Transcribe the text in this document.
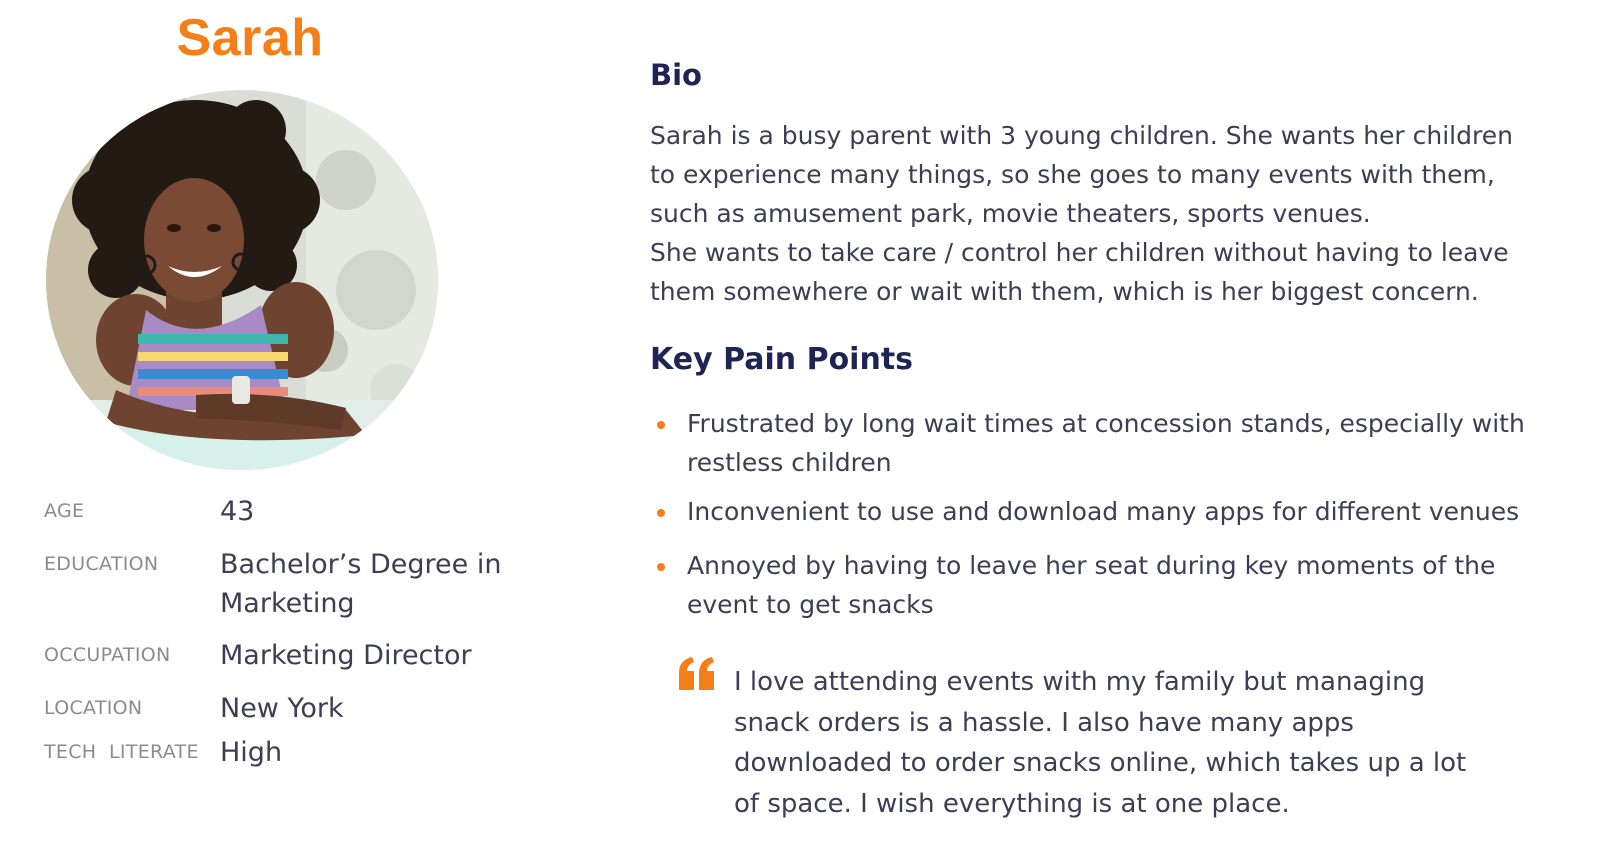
Sarah
AGE	43
EDUCATION Bachelor’s Degree in Marketing
OCCUPATION Marketing Director
LOCATION	New York
TECH  LITERATE High
Bio

Sarah is a busy parent with 3 young children. She wants her children
to experience many things, so she goes to many events with them,
such as amusement park, movie theaters, sports venues.
She wants to take care / control her children without having to leave
them somewhere or wait with them, which is her biggest concern.

Key Pain Points
Frustrated by long wait times at concession stands, especially with restless children
Inconvenient to use and download many apps for different venues
Annoyed by having to leave her seat during key moments of the event to get snacks

I love attending events with my family but managing snack orders is a hassle. I also have many apps downloaded to order snacks online, which takes up a lot of space. I wish everything is at one place.
